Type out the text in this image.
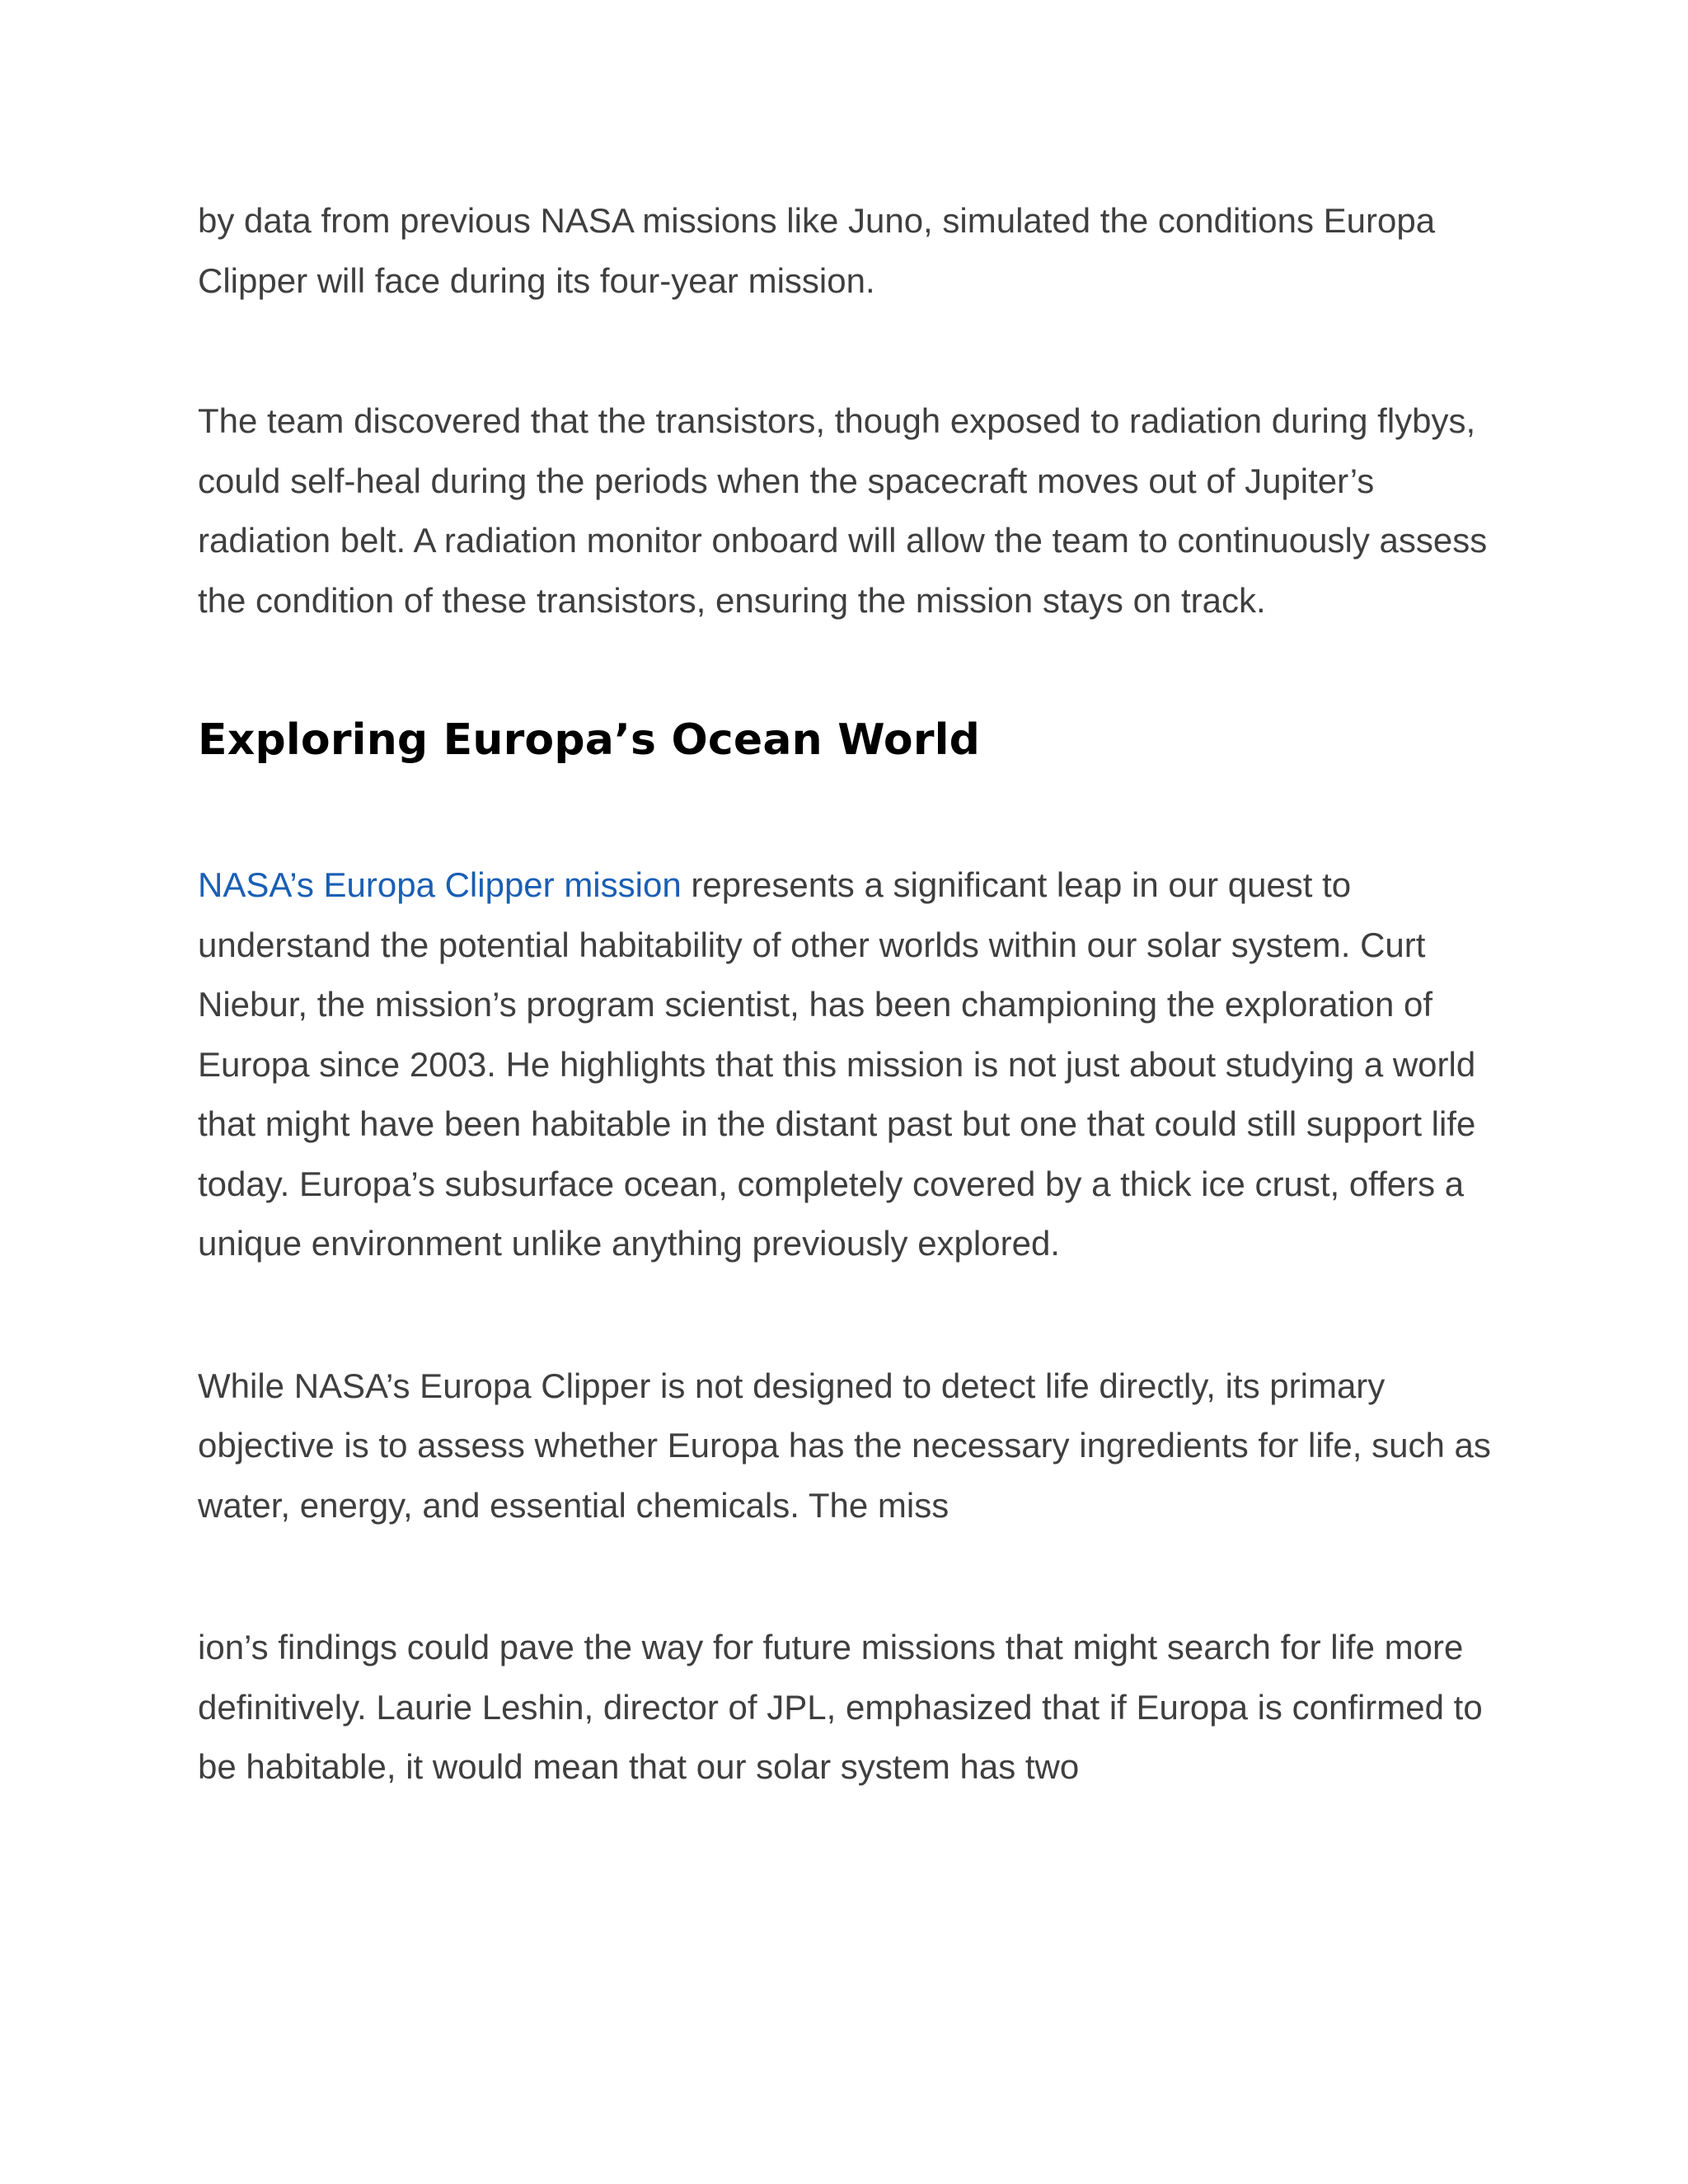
by data from previous NASA missions like Juno, simulated the conditions Europa Clipper will face during its four-year mission.

The team discovered that the transistors, though exposed to radiation during flybys, could self-heal during the periods when the spacecraft moves out of Jupiter’s radiation belt. A radiation monitor onboard will allow the team to continuously assess the condition of these transistors, ensuring the mission stays on track.

Exploring Europa’s Ocean World

NASA’s Europa Clipper mission represents a significant leap in our quest to understand the potential habitability of other worlds within our solar system. Curt Niebur, the mission’s program scientist, has been championing the exploration of Europa since 2003. He highlights that this mission is not just about studying a world that might have been habitable in the distant past but one that could still support life today. Europa’s subsurface ocean, completely covered by a thick ice crust, offers a unique environment unlike anything previously explored.

While NASA’s Europa Clipper is not designed to detect life directly, its primary objective is to assess whether Europa has the necessary ingredients for life, such as water, energy, and essential chemicals. The miss

ion’s findings could pave the way for future missions that might search for life more definitively. Laurie Leshin, director of JPL, emphasized that if Europa is confirmed to be habitable, it would mean that our solar system has two
